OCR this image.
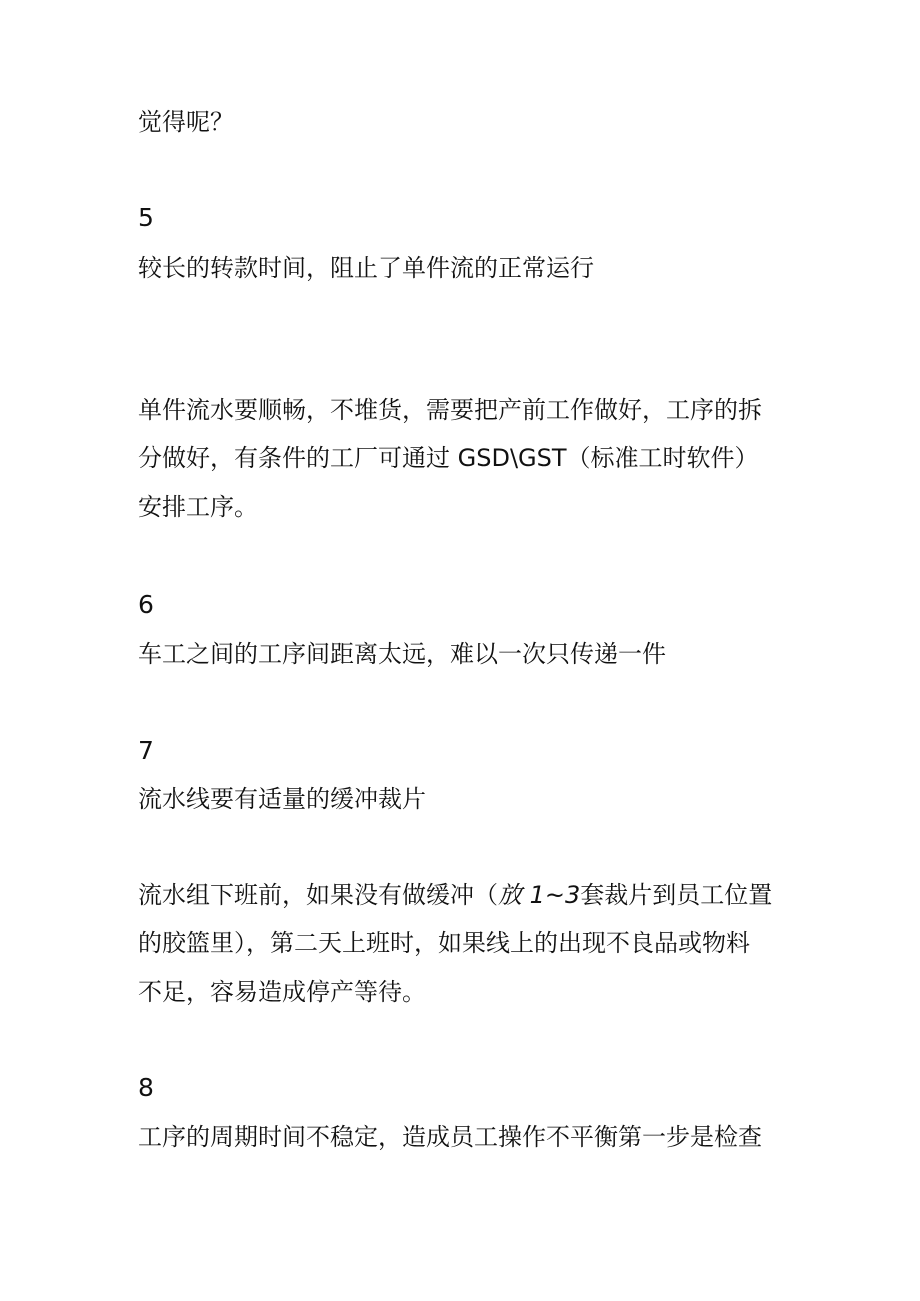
觉得呢？
5
较长的转款时间，阻止了单件流的正常运行
单件流水要顺畅，不堆货，需要把产前工作做好，工序的拆
分做好，有条件的工厂可通过 GSD\GST（标准工时软件）
安排工序。
6
车工之间的工序间距离太远，难以一次只传递一件
7
流水线要有适量的缓冲裁片
流水组下班前，如果没有做缓冲（放 1~3套裁片到员工位置
的胶篮里），第二天上班时，如果线上的出现不良品或物料
不足，容易造成停产等待。
8
工序的周期时间不稳定，造成员工操作不平衡第一步是检查
